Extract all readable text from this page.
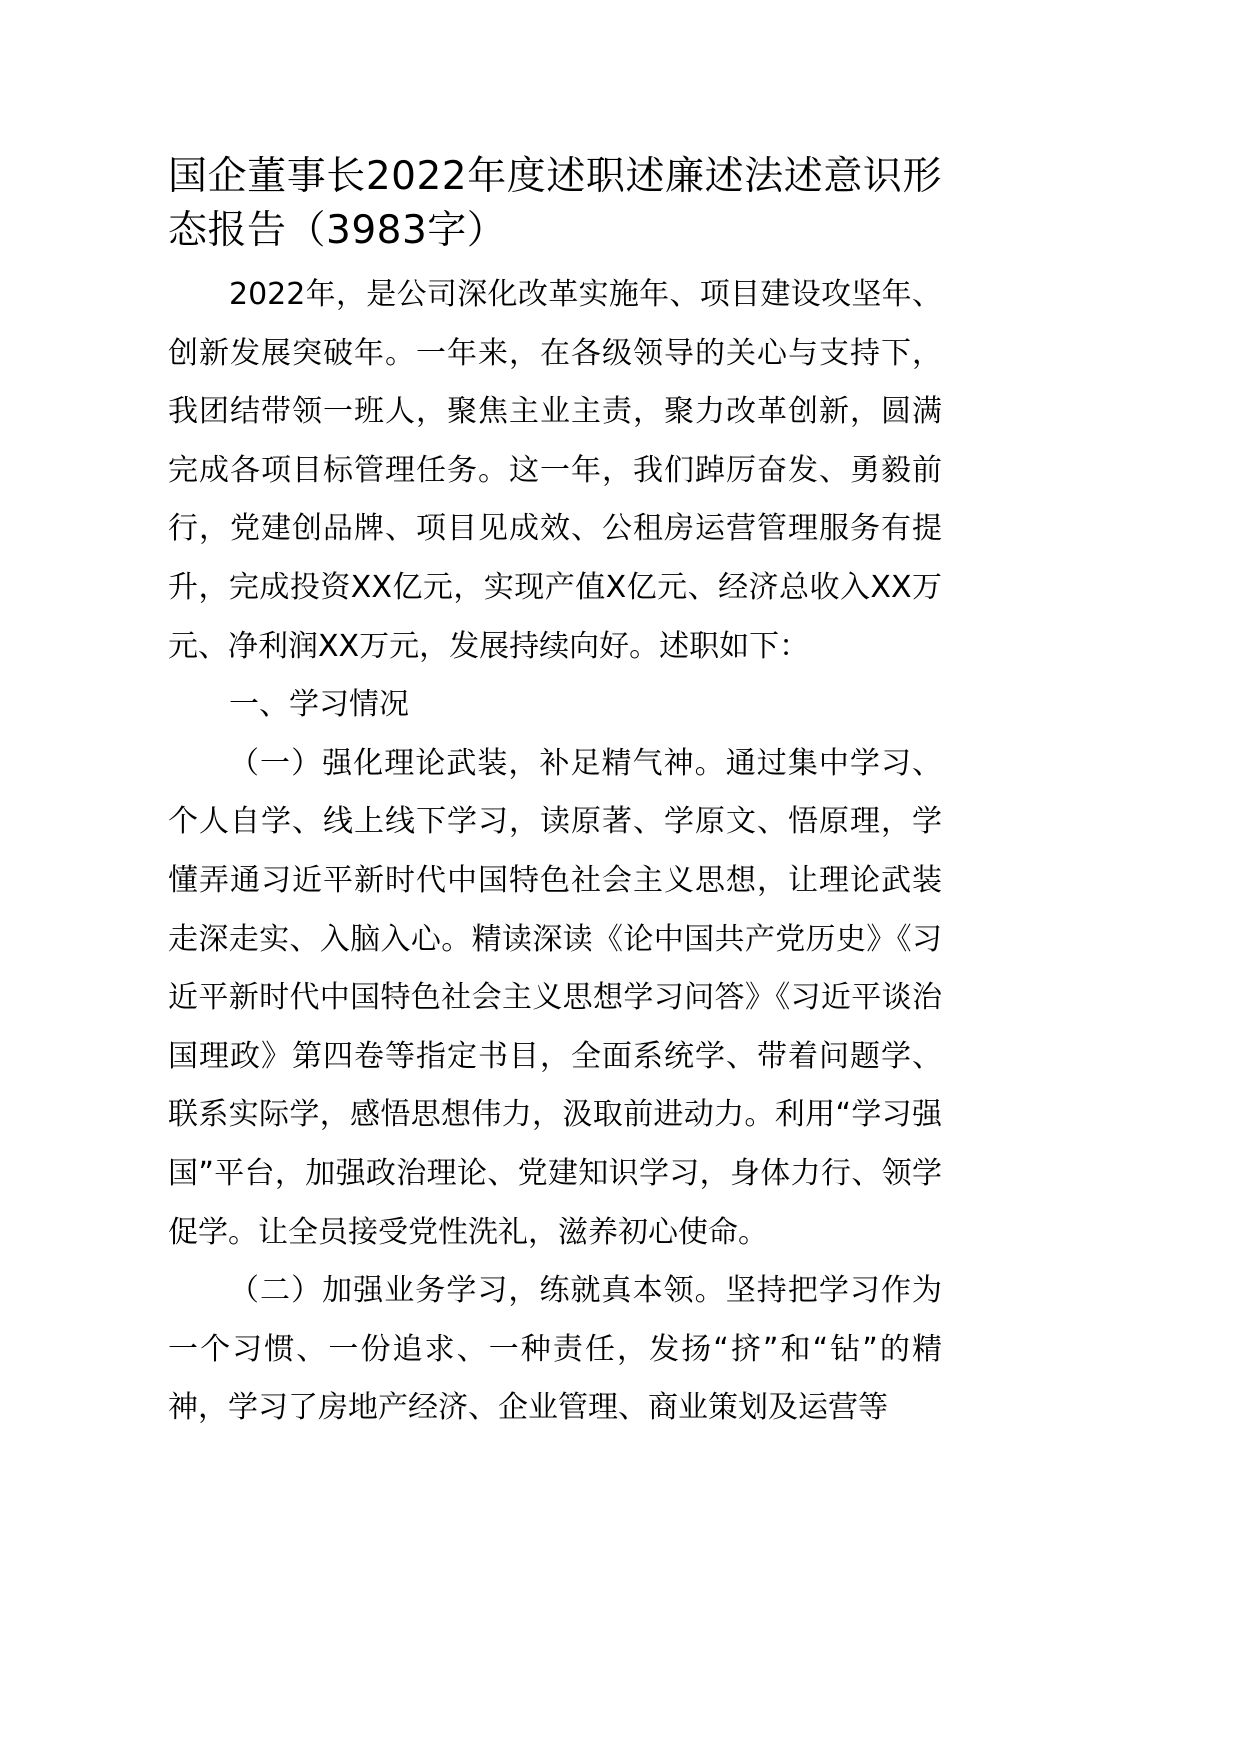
国企董事长2022年度述职述廉述法述意识形态报告（3983字）

2022年，是公司深化改革实施年、项目建设攻坚年、创新发展突破年。一年来，在各级领导的关心与支持下，我团结带领一班人，聚焦主业主责，聚力改革创新，圆满完成各项目标管理任务。这一年，我们踔厉奋发、勇毅前行，党建创品牌、项目见成效、公租房运营管理服务有提升，完成投资XX亿元，实现产值X亿元、经济总收入XX万元、净利润XX万元，发展持续向好。述职如下：

一、学习情况

（一）强化理论武装，补足精气神。通过集中学习、个人自学、线上线下学习，读原著、学原文、悟原理，学懂弄通习近平新时代中国特色社会主义思想，让理论武装走深走实、入脑入心。精读深读《论中国共产党历史》《习近平新时代中国特色社会主义思想学习问答》《习近平谈治国理政》第四卷等指定书目，全面系统学、带着问题学、联系实际学，感悟思想伟力，汲取前进动力。利用“学习强国”平台，加强政治理论、党建知识学习，身体力行、领学促学。让全员接受党性洗礼，滋养初心使命。

（二）加强业务学习，练就真本领。坚持把学习作为一个习惯、一份追求、一种责任，发扬“挤”和“钻”的精神，学习了房地产经济、企业管理、商业策划及运营等
